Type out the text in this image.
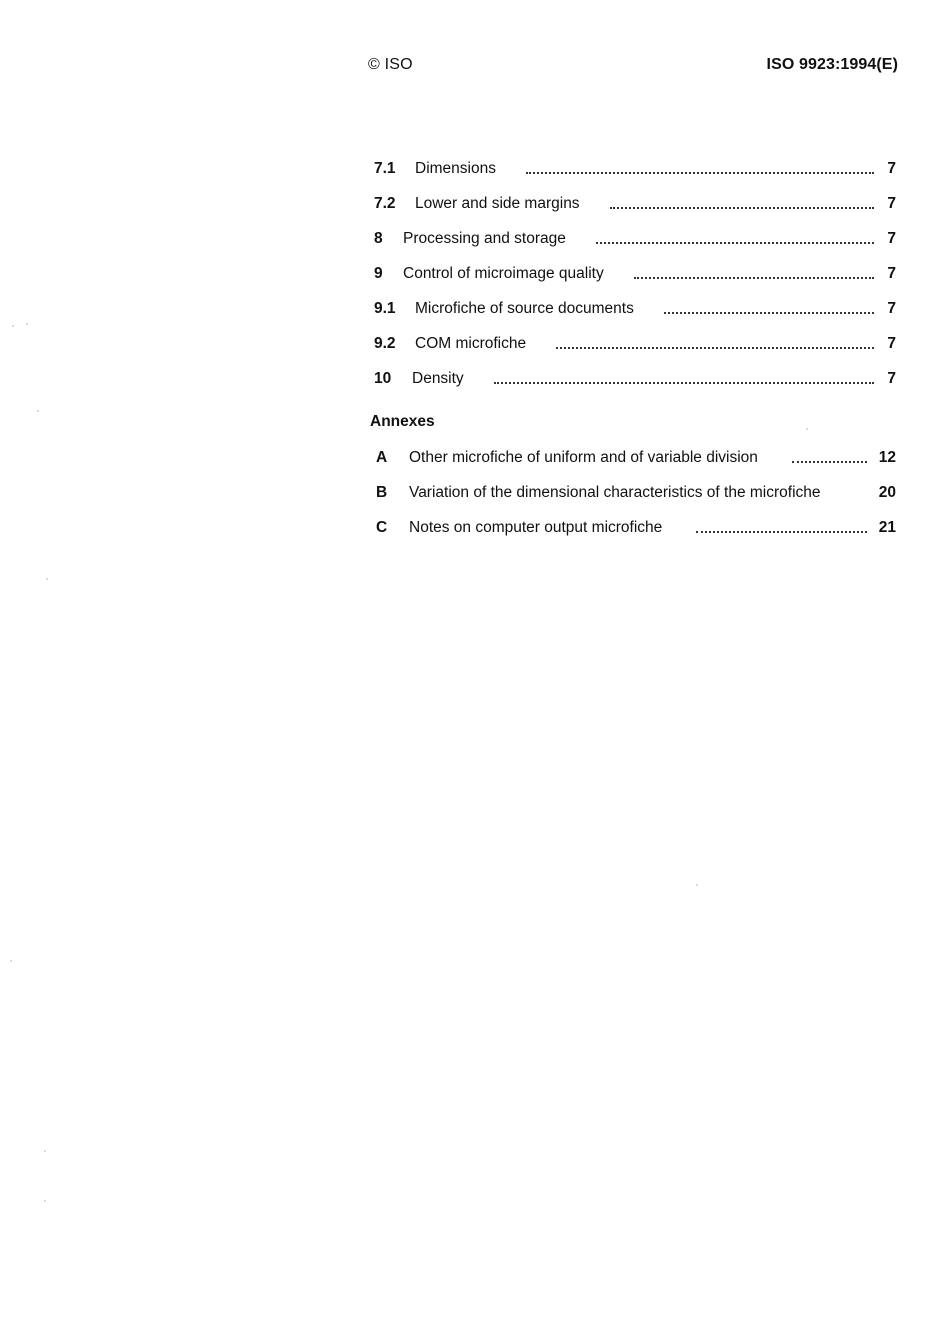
© ISO	ISO 9923:1994(E)
7.1	Dimensions	7
7.2	Lower and side margins	7
8	Processing and storage	7
9	Control of microimage quality	7
9.1	Microfiche of source documents	7
9.2	COM microfiche	7
10	Density	7
Annexes
A	Other microfiche of uniform and of variable division	12
B	Variation of the dimensional characteristics of the microfiche	20
C	Notes on computer output microfiche	21
